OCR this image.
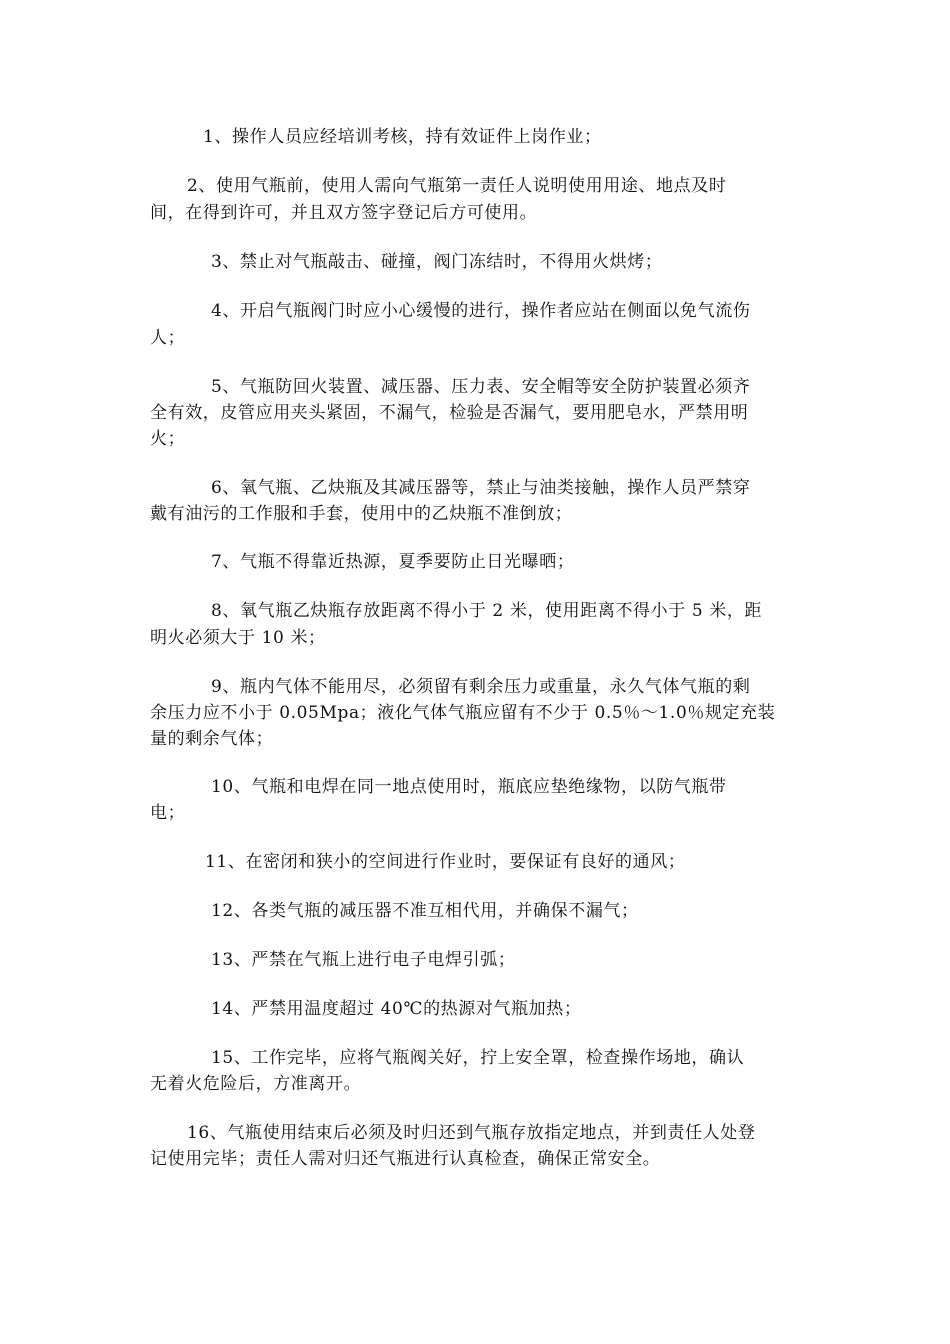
1、操作人员应经培训考核，持有效证件上岗作业；
2、使用气瓶前，使用人需向气瓶第一责任人说明使用用途、地点及时
间，在得到许可，并且双方签字登记后方可使用。
3、禁止对气瓶敲击、碰撞，阀门冻结时，不得用火烘烤；
4、开启气瓶阀门时应小心缓慢的进行，操作者应站在侧面以免气流伤
人；
5、气瓶防回火装置、减压器、压力表、安全帽等安全防护装置必须齐
全有效，皮管应用夹头紧固，不漏气，检验是否漏气，要用肥皂水，严禁用明
火；
6、氧气瓶、乙炔瓶及其减压器等，禁止与油类接触，操作人员严禁穿
戴有油污的工作服和手套，使用中的乙炔瓶不准倒放；
7、气瓶不得靠近热源，夏季要防止日光曝晒；
8、氧气瓶乙炔瓶存放距离不得小于 2 米，使用距离不得小于 5 米，距
明火必须大于 10 米；
9、瓶内气体不能用尽，必须留有剩余压力或重量，永久气体气瓶的剩
余压力应不小于 0.05Mpa；液化气体气瓶应留有不少于 0.5％～1.0％规定充装
量的剩余气体；
10、气瓶和电焊在同一地点使用时，瓶底应垫绝缘物，以防气瓶带
电；
11、在密闭和狭小的空间进行作业时，要保证有良好的通风；
12、各类气瓶的减压器不准互相代用，并确保不漏气；
13、严禁在气瓶上进行电子电焊引弧；
14、严禁用温度超过 40℃的热源对气瓶加热；
15、工作完毕，应将气瓶阀关好，拧上安全罩，检查操作场地，确认
无着火危险后，方准离开。
16、气瓶使用结束后必须及时归还到气瓶存放指定地点，并到责任人处登
记使用完毕；责任人需对归还气瓶进行认真检查，确保正常安全。
